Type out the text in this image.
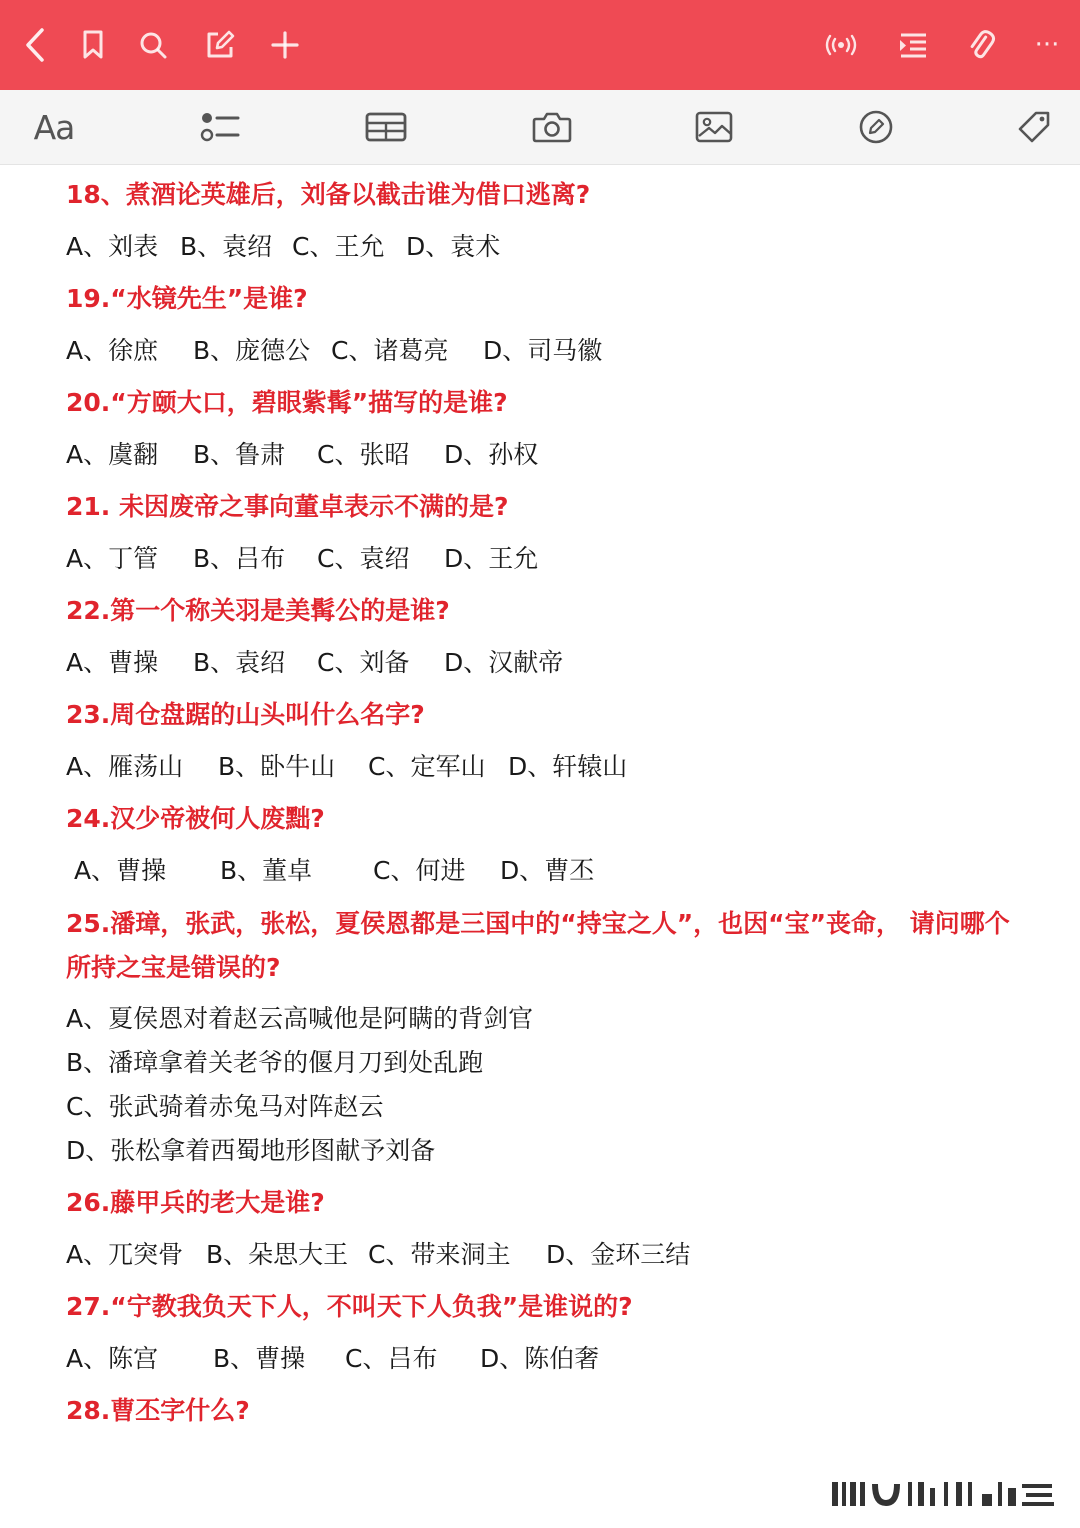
···
Aa
18、煮酒论英雄后，刘备以截击谁为借口逃离?
A、刘表 B、袁绍 C、王允 D、袁术
19.“水镜先生”是谁?
A、徐庶 B、庞德公 C、诸葛亮 D、司马徽
20.“方颐大口，碧眼紫髯”描写的是谁?
A、虞翻 B、鲁肃 C、张昭 D、孙权
21. 未因废帝之事向董卓表示不满的是?
A、丁管 B、吕布 C、袁绍 D、王允
22.第一个称关羽是美髯公的是谁?
A、曹操 B、袁绍 C、刘备 D、汉献帝
23.周仓盘踞的山头叫什么名字?
A、雁荡山 B、卧牛山 C、定军山 D、轩辕山
24.汉少帝被何人废黜?
A、曹操 B、董卓 C、何进 D、曹丕
25.潘璋，张武，张松，夏侯恩都是三国中的“持宝之人”，也因“宝”丧命， 请问哪个所持之宝是错误的?
A、夏侯恩对着赵云高喊他是阿瞒的背剑官
B、潘璋拿着关老爷的偃月刀到处乱跑
C、张武骑着赤兔马对阵赵云
D、张松拿着西蜀地形图献予刘备
26.藤甲兵的老大是谁?
A、兀突骨 B、朵思大王 C、带来洞主 D、金环三结
27.“宁教我负天下人，不叫天下人负我”是谁说的?
A、陈宫 B、曹操 C、吕布 D、陈伯奢
28.曹丕字什么?
